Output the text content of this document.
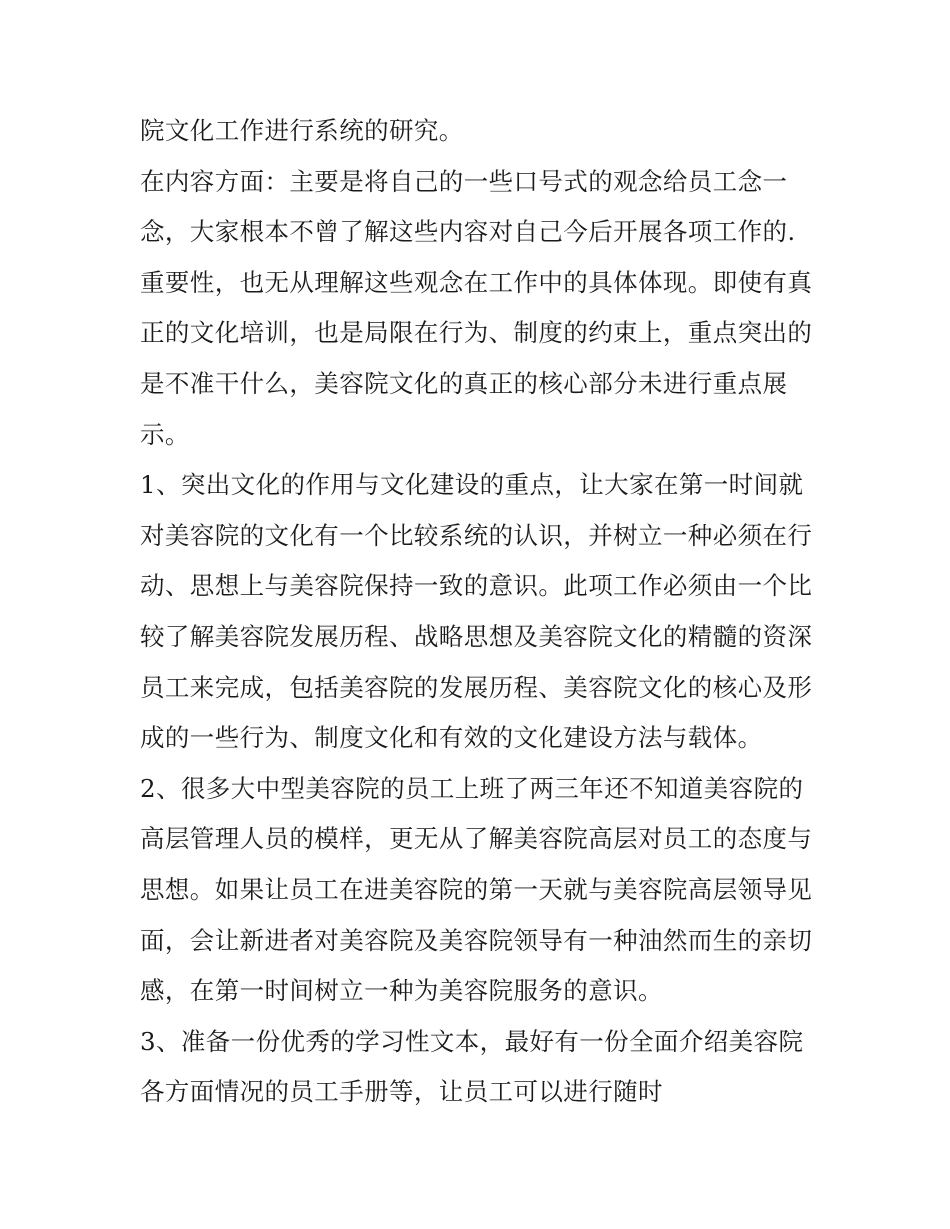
院文化工作进行系统的研究。
在内容方面：主要是将自己的一些口号式的观念给员工念一
念，大家根本不曾了解这些内容对自己今后开展各项工作的.
重要性，也无从理解这些观念在工作中的具体体现。即使有真
正的文化培训，也是局限在行为、制度的约束上，重点突出的
是不准干什么，美容院文化的真正的核心部分未进行重点展
示。
1、突出文化的作用与文化建设的重点，让大家在第一时间就
对美容院的文化有一个比较系统的认识，并树立一种必须在行
动、思想上与美容院保持一致的意识。此项工作必须由一个比
较了解美容院发展历程、战略思想及美容院文化的精髓的资深
员工来完成，包括美容院的发展历程、美容院文化的核心及形
成的一些行为、制度文化和有效的文化建设方法与载体。
2、很多大中型美容院的员工上班了两三年还不知道美容院的
高层管理人员的模样，更无从了解美容院高层对员工的态度与
思想。如果让员工在进美容院的第一天就与美容院高层领导见
面，会让新进者对美容院及美容院领导有一种油然而生的亲切
感，在第一时间树立一种为美容院服务的意识。
3、准备一份优秀的学习性文本，最好有一份全面介绍美容院
各方面情况的员工手册等，让员工可以进行随时
